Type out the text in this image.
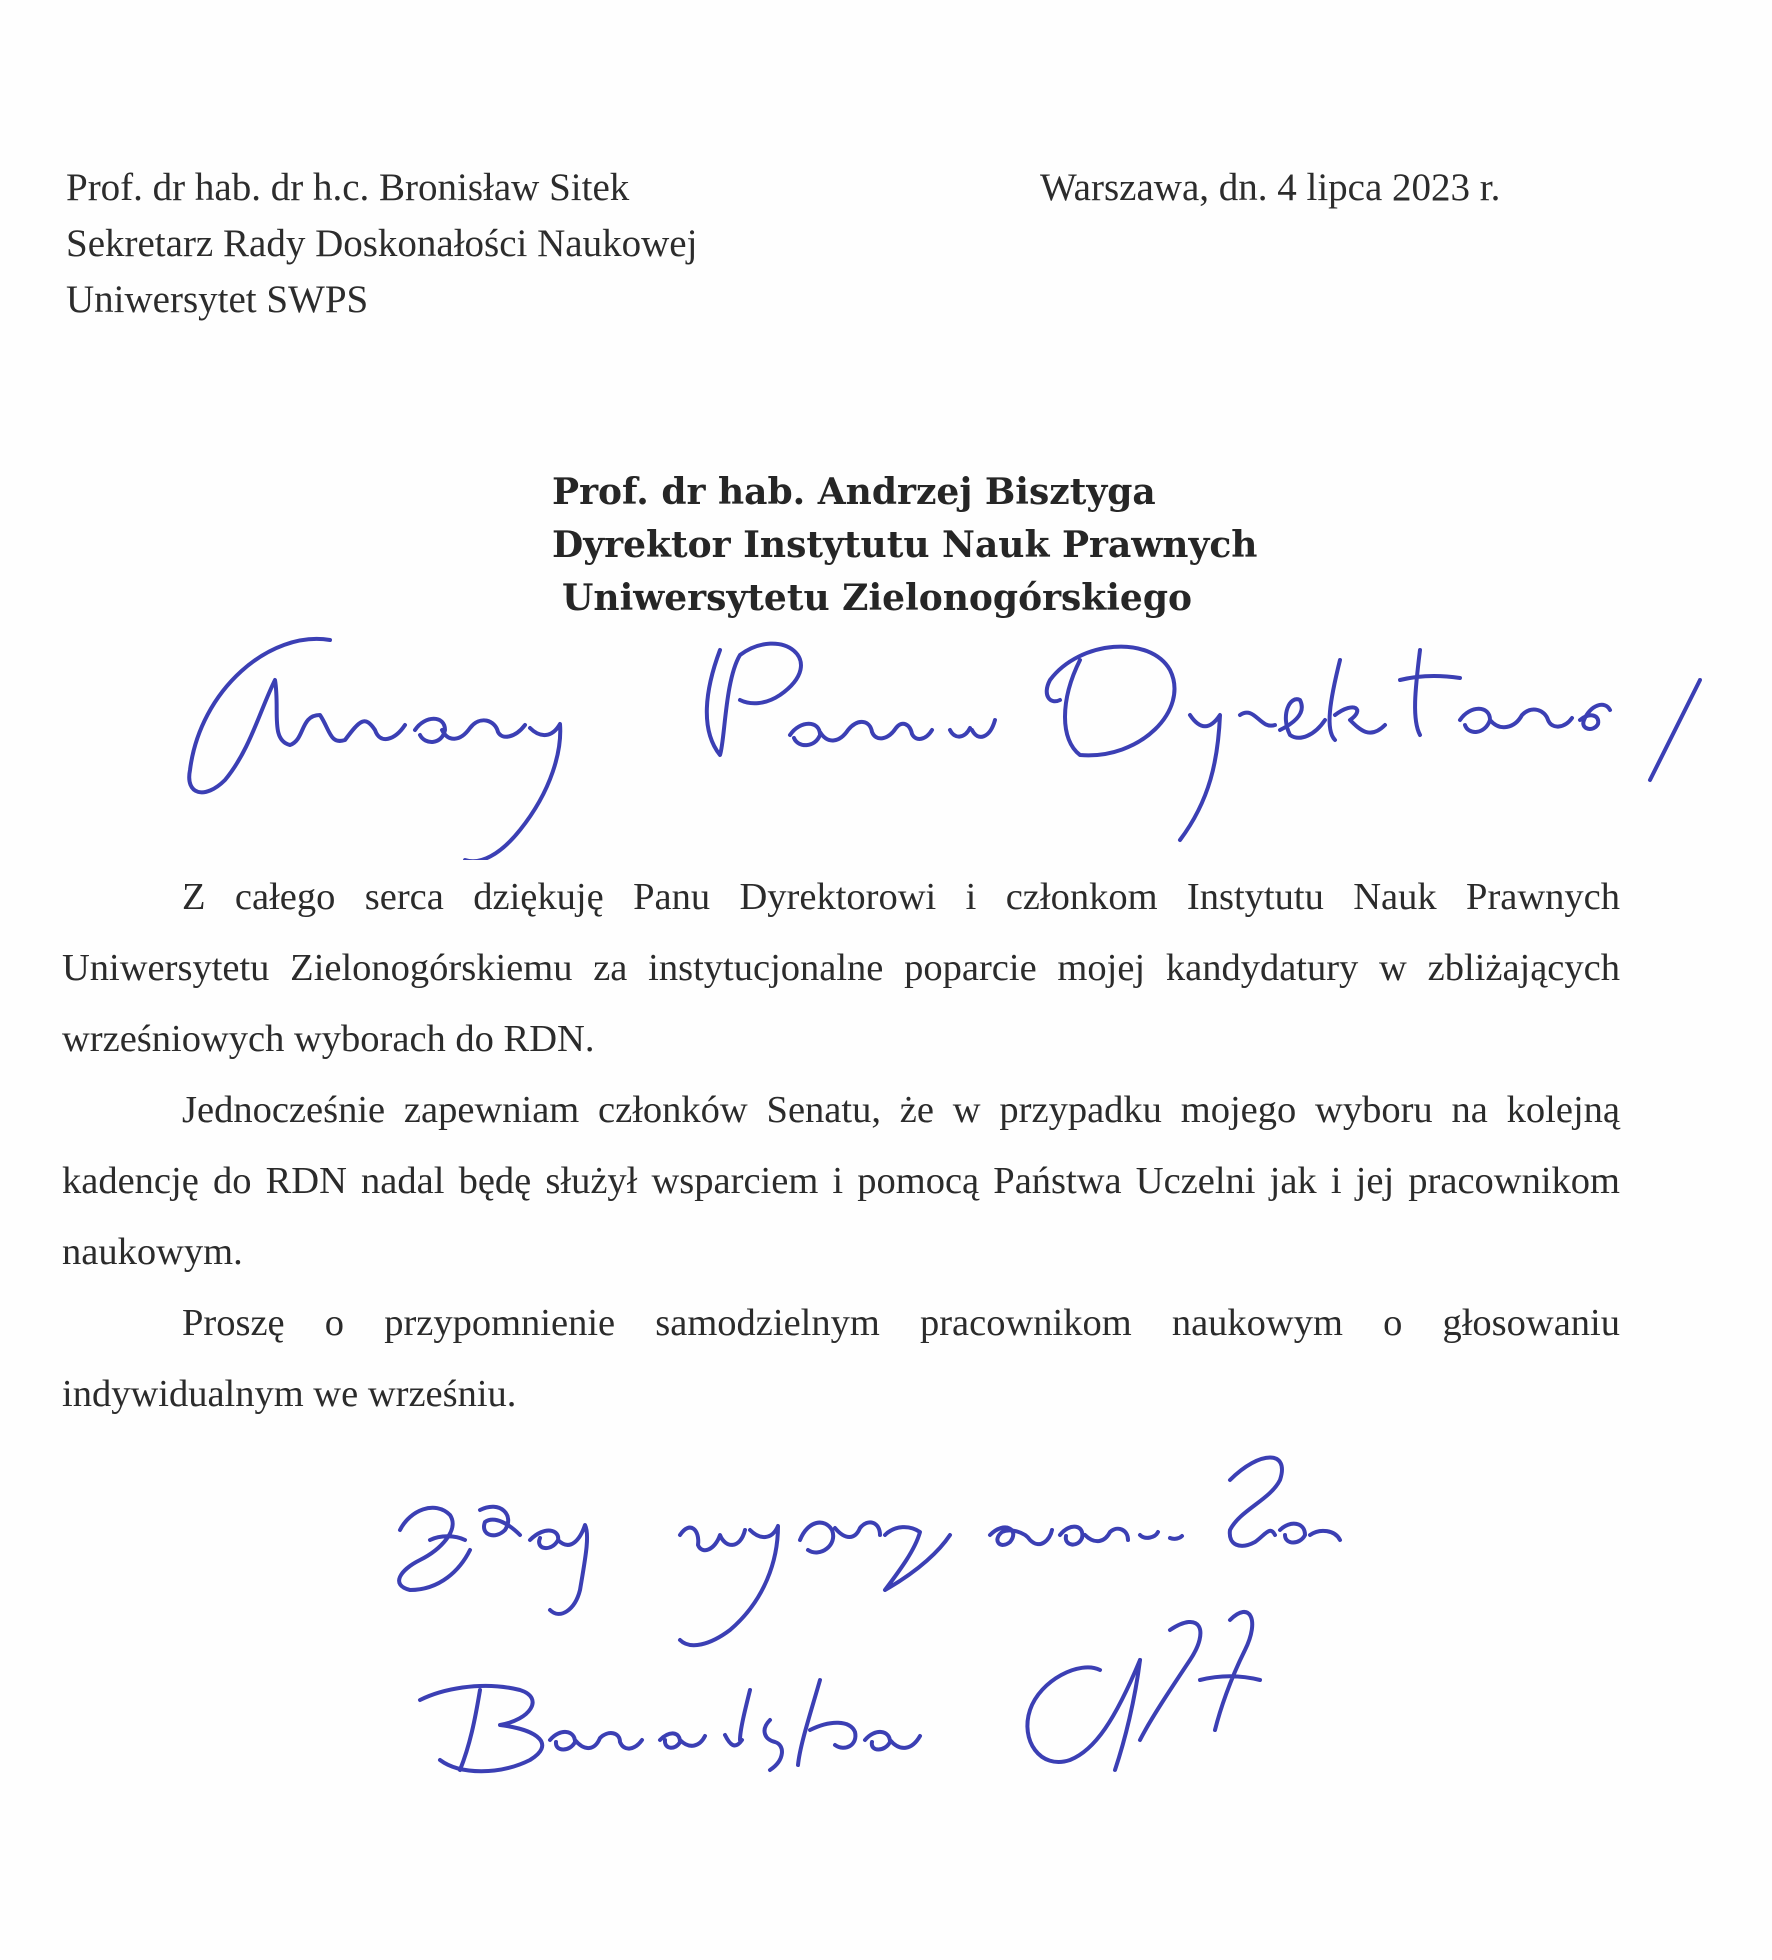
Prof. dr hab. dr h.c. Bronisław Sitek
Sekretarz Rady Doskonałości Naukowej
Uniwersytet SWPS
Warszawa, dn. 4 lipca 2023 r.
Prof. dr hab. Andrzej Bisztyga
Dyrektor Instytutu Nauk Prawnych
Uniwersytetu Zielonogórskiego

Z całego serca dziękuję Panu Dyrektorowi i członkom Instytutu Nauk Prawnych Uniwersytetu Zielonogórskiemu za instytucjonalne poparcie mojej kandydatury w zbliżających wrześniowych wyborach do RDN.

Jednocześnie zapewniam członków Senatu, że w przypadku mojego wyboru na kolejną kadencję do RDN nadal będę służył wsparciem i pomocą Państwa Uczelni jak i jej pracownikom naukowym.

Proszę o przypomnienie samodzielnym pracownikom naukowym o głosowaniu indywidualnym we wrześniu.
